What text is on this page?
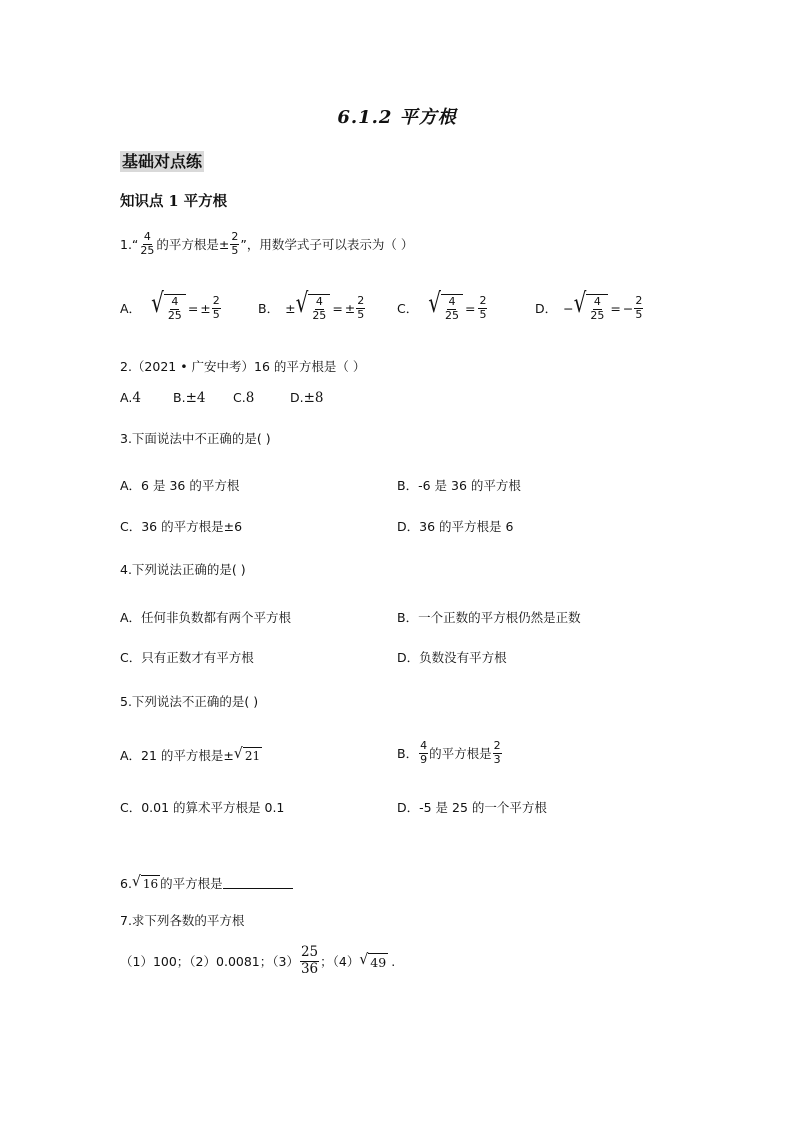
6.1.2 平方根
基础对点练
知识点 1 平方根
1.“ $\frac{4}{25}$ 的平方根是 ± $\frac{2}{5}$ ”，用数学式子可以表示为（ ）
A． √ $\frac{4}{25}$ = ± $\frac{2}{5}$	B． ± √ $\frac{4}{25}$ = ± $\frac{2}{5}$	C． √ $\frac{4}{25} = \frac{2}{5}$	D． − √ $\frac{4}{25}$ = − $\frac{2}{5}$
2.（2021 • 广安中考）16 的平方根是（ ）
A.4	B.±4 C.8	D.±8
3.下面说法中不正确的是( )
A．6 是 36 的平方根	B．-6 是 36 的平方根
C．36 的平方根是±6	D．36 的平方根是 6
4.下列说法正确的是( )
A．任何非负数都有两个平方根	B．一个正数的平方根仍然是正数
C．只有正数才有平方根	D．负数没有平方根
5.下列说法不正确的是( )
A．21 的平方根是± √ 21	B． $\frac{4}{9}$ 的平方根是 $\frac{2}{3}$
C．0.01 的算术平方根是 0.1	D．-5 是 25 的一个平方根
6. √ 16 的平方根是
7.求下列各数的平方根
（1）100；（2）0.0081；$(3) \frac{25}{36}$ ；（4） √ 49 .
